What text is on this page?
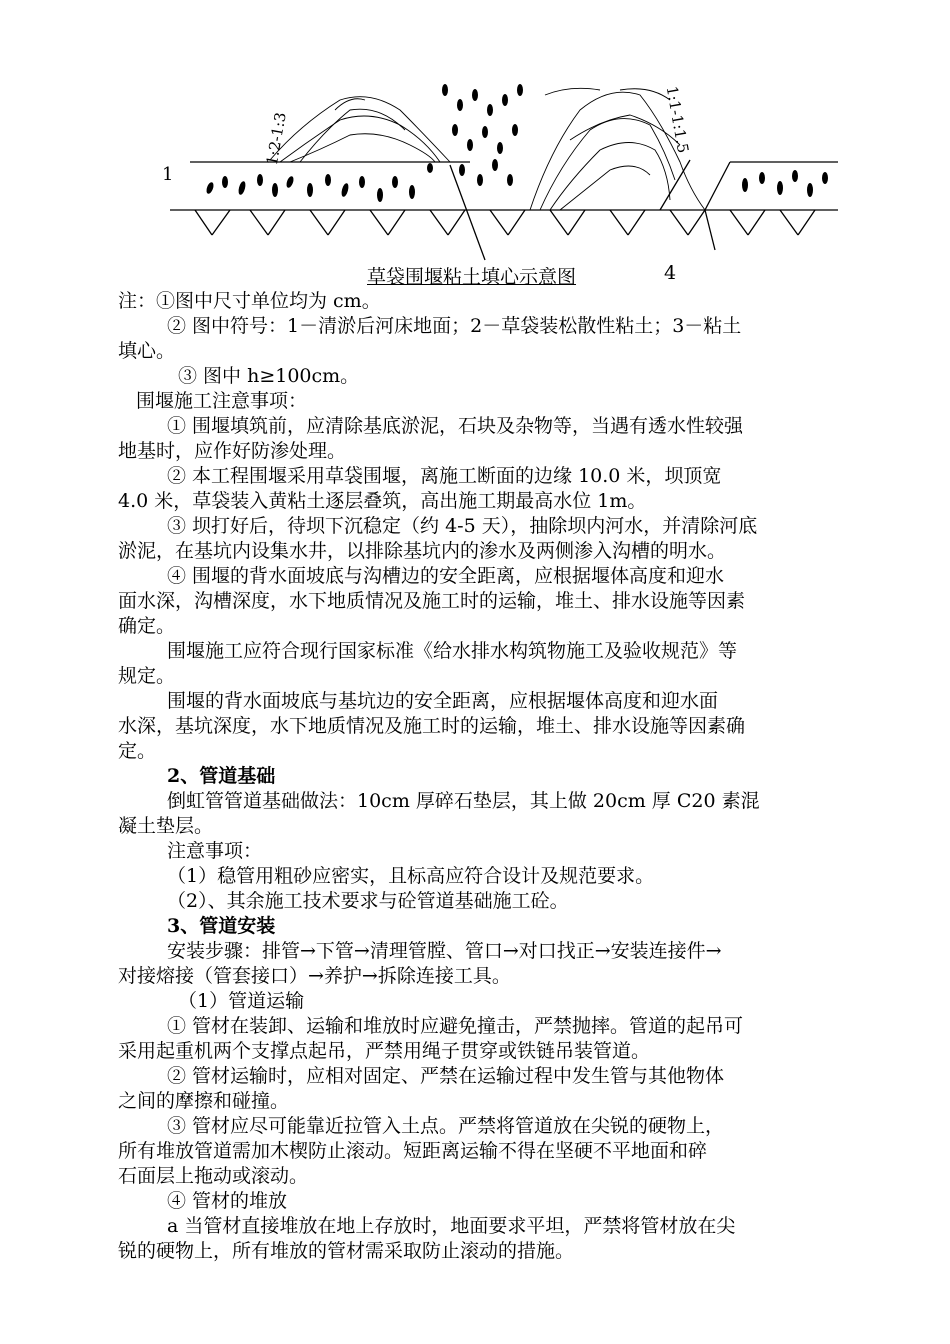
1
1:2-1:3	1:1-1:1.5
草袋围堰粘土填心示意图	4
注：①图中尺寸单位均为 cm。
② 图中符号：1－清淤后河床地面；2－草袋装松散性粘土；3－粘土
填心。
③ 图中 h≥100cm。
围堰施工注意事项：
① 围堰填筑前，应清除基底淤泥，石块及杂物等，当遇有透水性较强
地基时，应作好防渗处理。
② 本工程围堰采用草袋围堰，离施工断面的边缘 10.0 米，坝顶宽
4.0 米，草袋装入黄粘土逐层叠筑，高出施工期最高水位 1m。
③ 坝打好后，待坝下沉稳定（约 4-5 天），抽除坝内河水，并清除河底
淤泥，在基坑内设集水井，以排除基坑内的渗水及两侧渗入沟槽的明水。
④ 围堰的背水面坡底与沟槽边的安全距离，应根据堰体高度和迎水
面水深，沟槽深度，水下地质情况及施工时的运输，堆土、排水设施等因素
确定。
围堰施工应符合现行国家标准《给水排水构筑物施工及验收规范》等
规定。
围堰的背水面坡底与基坑边的安全距离，应根据堰体高度和迎水面
水深，基坑深度，水下地质情况及施工时的运输，堆土、排水设施等因素确
定。
2、管道基础
倒虹管管道基础做法：10cm 厚碎石垫层，其上做 20cm 厚 C20 素混
凝土垫层。
注意事项：
（1）稳管用粗砂应密实，且标高应符合设计及规范要求。
（2）、其余施工技术要求与砼管道基础施工砼。
3、管道安装
安装步骤：排管→下管→清理管膛、管口→对口找正→安装连接件→
对接熔接（管套接口）→养护→拆除连接工具。
（1）管道运输
① 管材在装卸、运输和堆放时应避免撞击，严禁抛摔。管道的起吊可
采用起重机两个支撑点起吊，严禁用绳子贯穿或铁链吊装管道。
② 管材运输时，应相对固定、严禁在运输过程中发生管与其他物体
之间的摩擦和碰撞。
③ 管材应尽可能靠近拉管入土点。严禁将管道放在尖锐的硬物上，
所有堆放管道需加木楔防止滚动。短距离运输不得在坚硬不平地面和碎
石面层上拖动或滚动。
④ 管材的堆放
a 当管材直接堆放在地上存放时，地面要求平坦，严禁将管材放在尖
锐的硬物上，所有堆放的管材需采取防止滚动的措施。
